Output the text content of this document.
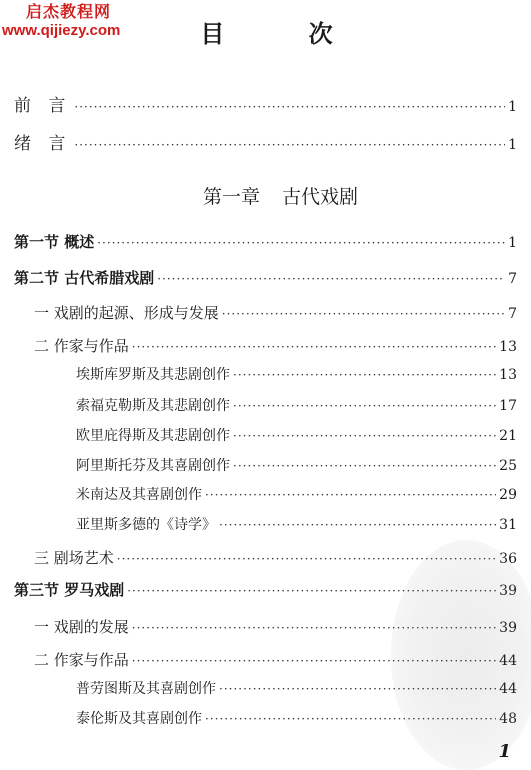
启杰教程网
www.qijiezy.com	目 次
前 言 ·····	1
绪 言 ·····	1
第一章 古代戏剧
第一节 概述 ·····	1
第二节 古代希腊戏剧 ·····	7
一 戏剧的起源、形成与发展 ·····	7
二 作家与作品 ·····	13
埃斯库罗斯及其悲剧创作 ·····	13
索福克勒斯及其悲剧创作 ·····	17
欧里庇得斯及其悲剧创作 ·····	21
阿里斯托芬及其喜剧创作 ·····	25
米南达及其喜剧创作 ·····	29
亚里斯多德的《诗学》 ·····	31
三 剧场艺术 ·····	36
第三节 罗马戏剧 ·····	39
一 戏剧的发展 ·····	39
二 作家与作品 ·····	44
普劳图斯及其喜剧创作 ·····	44
泰伦斯及其喜剧创作 ·····	48
1
